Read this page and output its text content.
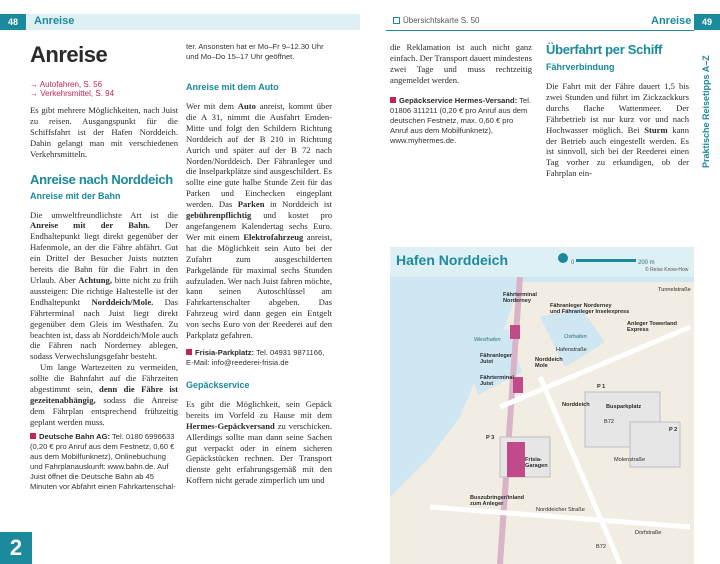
48	Anreise	Übersichtskarte S. 50	Anreise	49
Praktische Reisetipps A–Z
2
Anreise
→ Autofahren, S. 56
→ Verkehrsmittel, S. 94

Es gibt mehrere Möglichkeiten, nach Juist zu reisen. Ausgangspunkt für die Schiffsfahrt ist der Hafen Norddeich. Dahin gelangt man mit verschiedenen Verkehrsmitteln.

Anreise nach Norddeich
Anreise mit der Bahn

Die umweltfreundlichste Art ist die Anreise mit der Bahn. Der Endhaltepunkt liegt direkt gegenüber der Hafenmole, an der die Fähre abfährt. Gut ein Drittel der Besucher Juists nutzten bereits die Bahn für die Fahrt in den Urlaub. Aber Achtung, bitte nicht zu früh aussteigen: Die richtige Haltestelle ist der Endhaltepunkt Norddeich/Mole. Das Fährterminal nach Juist liegt direkt gegenüber dem Gleis im Westhafen. Zu beachten ist, dass ab Norddeich/Mole auch die Fähren nach Norderney ablegen, sodass Verwechslungsgefahr besteht.

Um lange Wartezeiten zu vermeiden, sollte die Bahnfahrt auf die Fährzeiten abgestimmt sein, denn die Fähre ist gezeitenabhängig, sodass die Anreise dem Fährplan entsprechend frühzeitig geplant werden muss.

Deutsche Bahn AG: Tel. 0180 6996633 (0,20 € pro Anruf aus dem Festnetz, 0,60 € aus dem Mobilfunknetz), Onlinebuchung und Fahrplanauskunft: www.bahn.de. Auf Juist öffnet die Deutsche Bahn ab 45 Minuten vor Abfahrt einen Fahrkartenschal-

ter. Ansonsten hat er Mo–Fr 9–12.30 Uhr und Mo–Do 15–17 Uhr geöffnet.

Anreise mit dem Auto

Wer mit dem Auto anreist, kommt über die A 31, nimmt die Ausfahrt Emden-Mitte und folgt den Schildern Richtung Norddeich auf der B 210 in Richtung Aurich und später auf der B 72 nach Norden/Norddeich. Der Fähranleger und die Inselparkplätze sind ausgeschildert. Es sollte eine gute halbe Stunde Zeit für das Parken und Einchecken eingeplant werden. Das Parken in Norddeich ist gebührenpflichtig und kostet pro angefangenem Kalendertag sechs Euro. Wer mit einem Elektrofahrzeug anreist, hat die Möglichkeit sein Auto bei der Zufahrt zum ausgeschilderten Parkgelände für maximal sechs Stunden aufzuladen. Wer nach Juist fahren möchte, kann seinen Autoschlüssel am Fahrkartenschalter abgeben. Das Fahrzeug wird dann gegen ein Entgelt von sechs Euro von der Reederei auf den Parkplatz gefahren.

Frisia-Parkplatz: Tel. 04931 9871166, E-Mail: info@reederei-frisia.de

Gepäckservice

Es gibt die Möglichkeit, sein Gepäck bereits im Vorfeld zu Hause mit dem Hermes-Gepäckversand zu verschicken. Allerdings sollte man dann seine Sachen gut verpackt oder in einem sicheren Gepäckstücken rechnen. Der Transport dienste geht erfahrungsgemäß mit den Koffern nicht gerade zimperlich um und

die Reklamation ist auch nicht ganz einfach. Der Transport dauert mindestens zwei Tage und muss rechtzeitig angemeldet werden.

Gepäckservice Hermes-Versand: Tel. 01806 311211 (0,20 € pro Anruf aus dem deutschen Festnetz, max. 0,60 € pro Anruf aus dem Mobilfunknetz), www.myhermes.de.

Überfahrt per Schiff
Fährverbindung

Die Fahrt mit der Fähre dauert 1,5 bis zwei Stunden und führt im Zickzackkurs durchs flache Wattenmeer. Der Fährbetrieb ist nur kurz vor und nach Hochwasser möglich. Bei Sturm kann der Betrieb auch eingestellt werden. Es ist sinnvoll, sich bei der Reederei einen Tag vorher zu erkundigen, ob der Fahrplan ein-

Hafen Norddeich	0	200 m
© Reise Know-How
Fährterminal
Norderney
Fähranleger Norderney
und Fähranleger Inselexpress
Anleger Towerland Express
Westhafen	Osthafen
Fähranleger
Juist	Norddeich
Mole
Fährterminal
Juist
Norddeich	Busparkplatz
Frisia-
Garagen
Buszubringer/inland
zum Anleger
P 1
P 2
P 3
B72
B72
Hafenstraße
Molenstraße
Tunnelstraße
Norddeicher Straße
Dorfstraße
